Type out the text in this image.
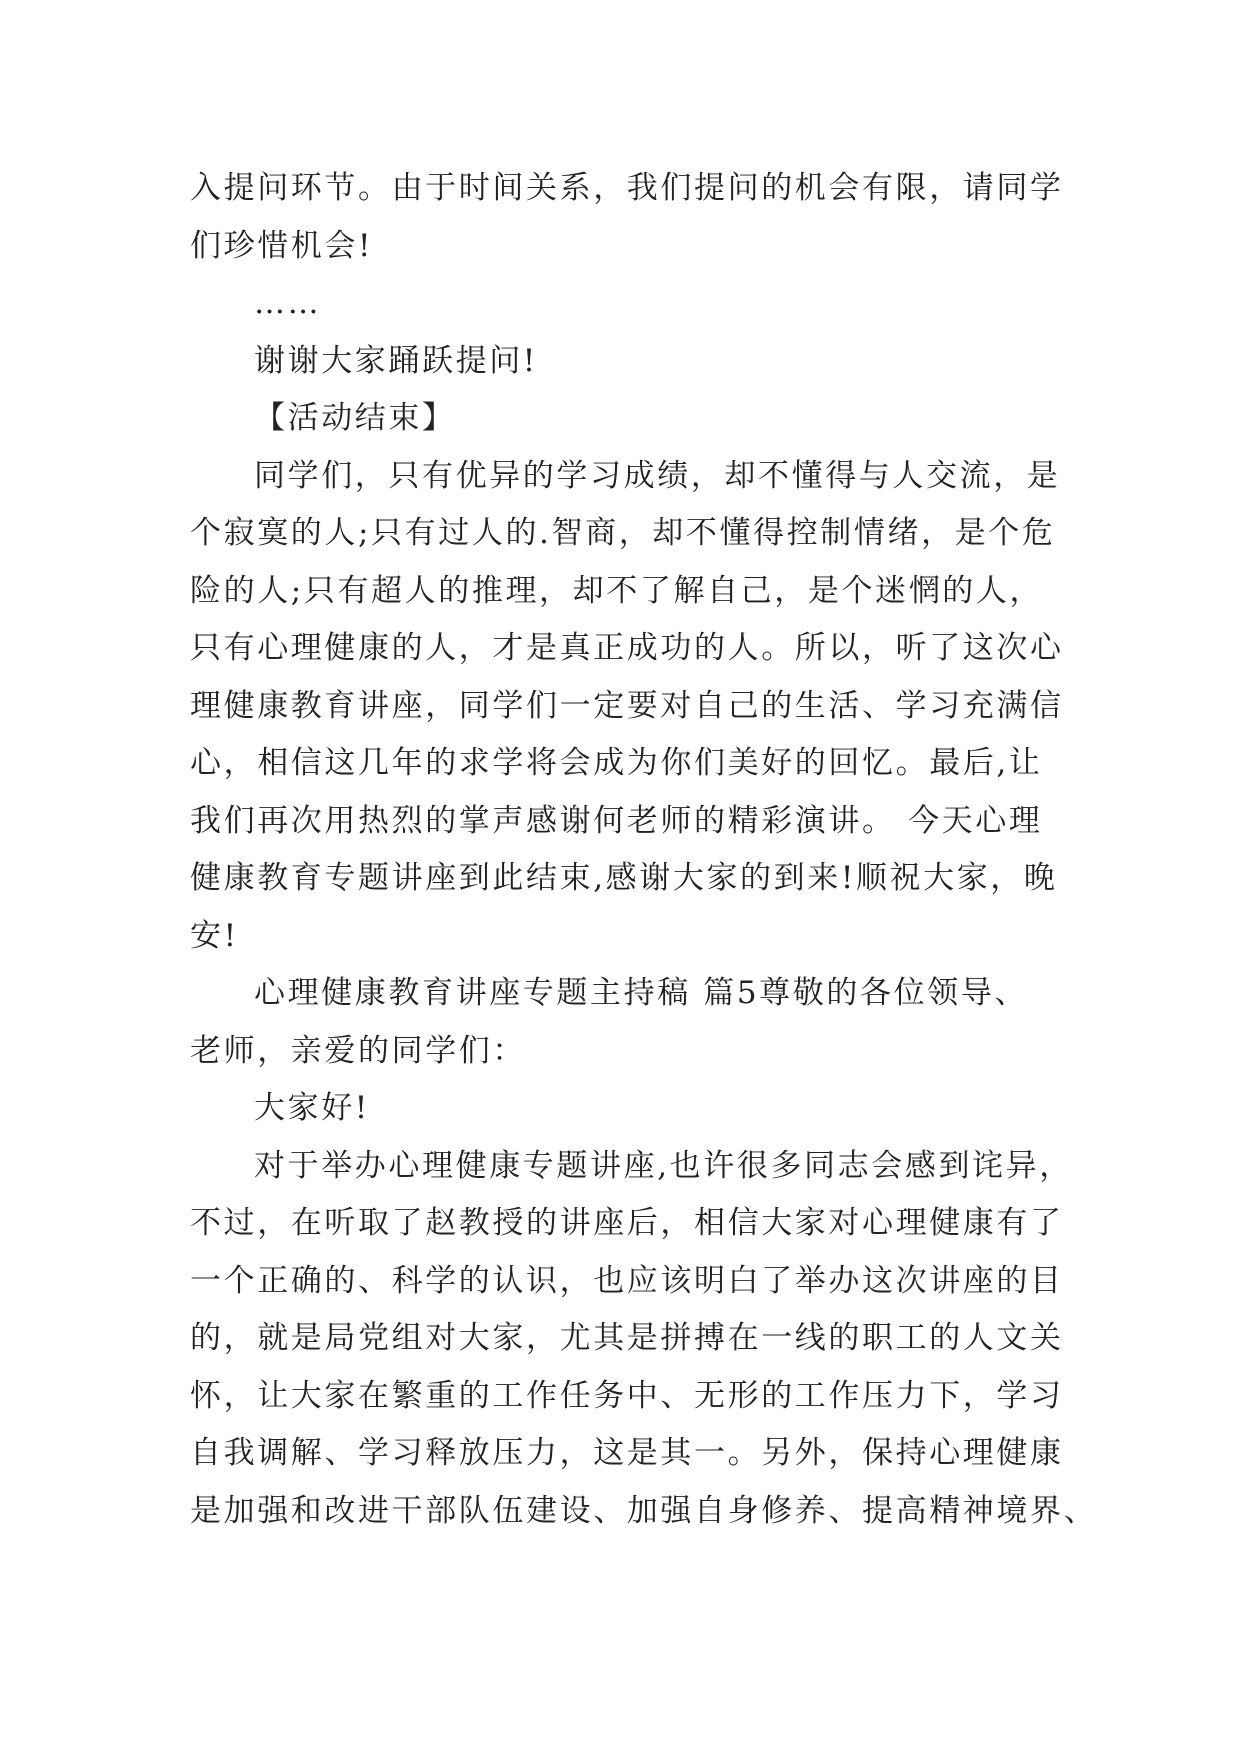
入提问环节。由于时间关系，我们提问的机会有限，请同学
们珍惜机会!
……
谢谢大家踊跃提问!
【活动结束】
同学们，只有优异的学习成绩，却不懂得与人交流，是
个寂寞的人;只有过人的.智商，却不懂得控制情绪，是个危
险的人;只有超人的推理，却不了解自己，是个迷惘的人，
只有心理健康的人，才是真正成功的人。所以，听了这次心
理健康教育讲座，同学们一定要对自己的生活、学习充满信
心，相信这几年的求学将会成为你们美好的回忆。最后,让
我们再次用热烈的掌声感谢何老师的精彩演讲。 今天心理
健康教育专题讲座到此结束,感谢大家的到来!顺祝大家，晚
安!
心理健康教育讲座专题主持稿 篇5尊敬的各位领导、
老师，亲爱的同学们：
大家好!
对于举办心理健康专题讲座,也许很多同志会感到诧异，
不过，在听取了赵教授的讲座后，相信大家对心理健康有了
一个正确的、科学的认识，也应该明白了举办这次讲座的目
的，就是局党组对大家，尤其是拼搏在一线的职工的人文关
怀，让大家在繁重的工作任务中、无形的工作压力下，学习
自我调解、学习释放压力，这是其一。另外，保持心理健康
是加强和改进干部队伍建设、加强自身修养、提高精神境界、
